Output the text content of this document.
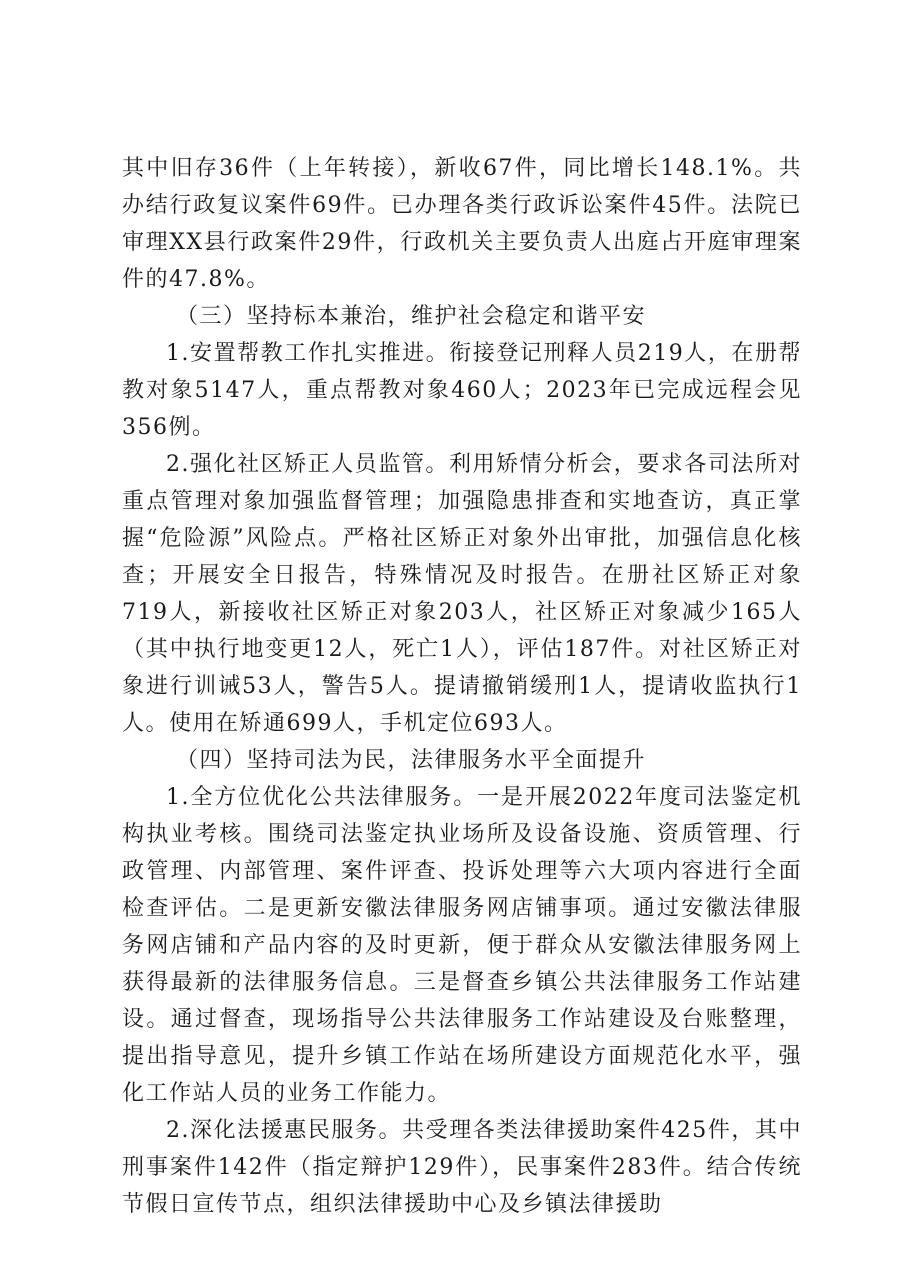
其中旧存36件（上年转接），新收67件，同比增长148.1%。共办结行政复议案件69件。已办理各类行政诉讼案件45件。法院已审理XX县行政案件29件，行政机关主要负责人出庭占开庭审理案件的47.8%。

（三）坚持标本兼治，维护社会稳定和谐平安

1.安置帮教工作扎实推进。衔接登记刑释人员219人，在册帮教对象5147人，重点帮教对象460人；2023年已完成远程会见356例。

2.强化社区矫正人员监管。利用矫情分析会，要求各司法所对重点管理对象加强监督管理；加强隐患排查和实地查访，真正掌握“危险源”风险点。严格社区矫正对象外出审批，加强信息化核查；开展安全日报告，特殊情况及时报告。在册社区矫正对象719人，新接收社区矫正对象203人，社区矫正对象减少165人（其中执行地变更12人，死亡1人），评估187件。对社区矫正对象进行训诫53人，警告5人。提请撤销缓刑1人，提请收监执行1人。使用在矫通699人，手机定位693人。

（四）坚持司法为民，法律服务水平全面提升

1.全方位优化公共法律服务。一是开展2022年度司法鉴定机构执业考核。围绕司法鉴定执业场所及设备设施、资质管理、行政管理、内部管理、案件评查、投诉处理等六大项内容进行全面检查评估。二是更新安徽法律服务网店铺事项。通过安徽法律服务网店铺和产品内容的及时更新，便于群众从安徽法律服务网上获得最新的法律服务信息。三是督查乡镇公共法律服务工作站建设。通过督查，现场指导公共法律服务工作站建设及台账整理，提出指导意见，提升乡镇工作站在场所建设方面规范化水平，强化工作站人员的业务工作能力。

2.深化法援惠民服务。共受理各类法律援助案件425件，其中刑事案件142件（指定辩护129件），民事案件283件。结合传统节假日宣传节点，组织法律援助中心及乡镇法律援助
